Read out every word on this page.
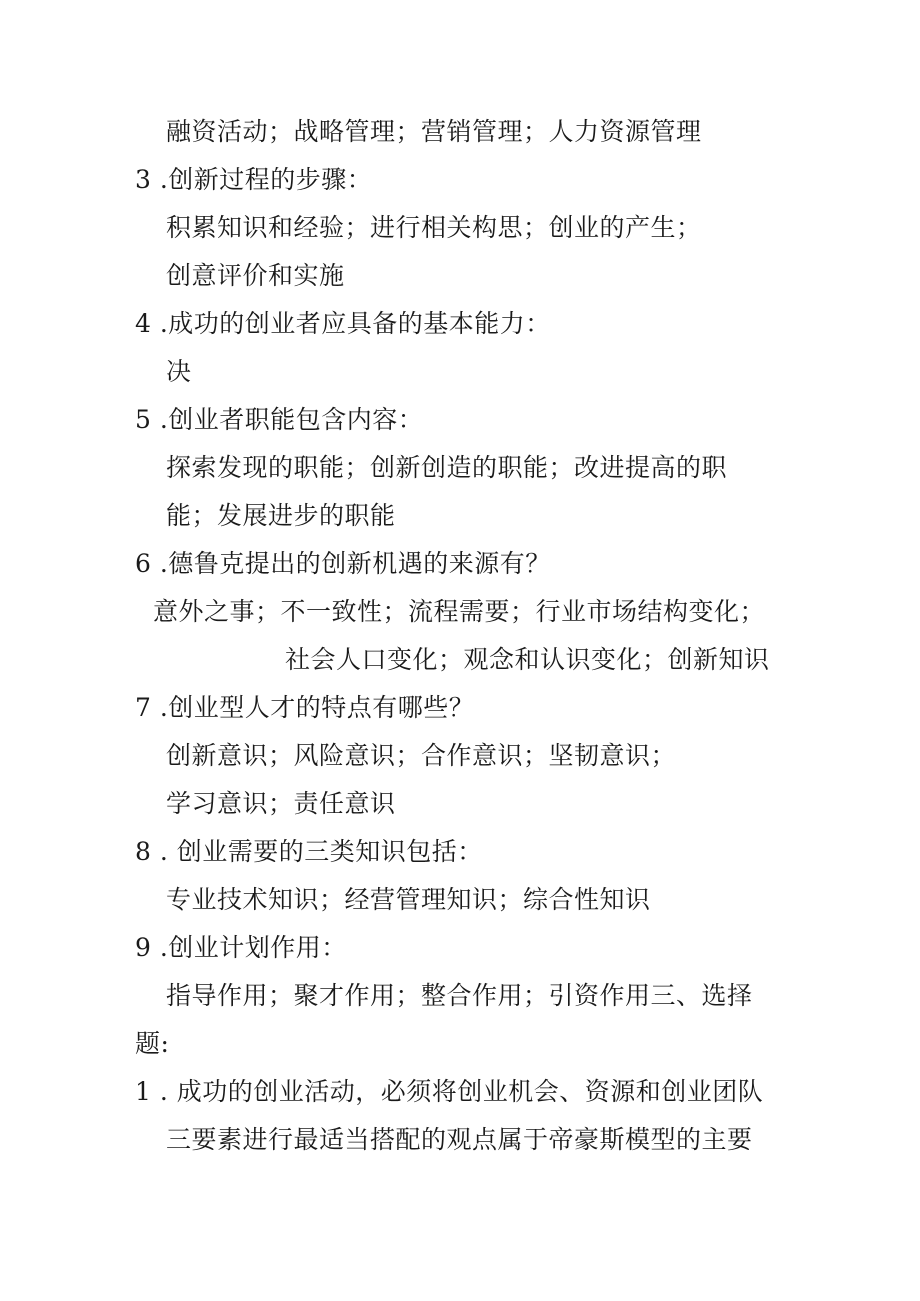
融资活动；战略管理；营销管理；人力资源管理
3 .创新过程的步骤：
积累知识和经验；进行相关构思；创业的产生；
创意评价和实施
4 .成功的创业者应具备的基本能力：
决
5 .创业者职能包含内容：
探索发现的职能；创新创造的职能；改进提高的职
能；发展进步的职能
6 .德鲁克提出的创新机遇的来源有？
意外之事；不一致性；流程需要；行业市场结构变化；
社会人口变化；观念和认识变化；创新知识
7 .创业型人才的特点有哪些？
创新意识；风险意识；合作意识；坚韧意识；
学习意识；责任意识
8 . 创业需要的三类知识包括：
专业技术知识；经营管理知识；综合性知识
9 .创业计划作用：
指导作用；聚才作用；整合作用；引资作用三、选择
题:
1 . 成功的创业活动，必须将创业机会、资源和创业团队
三要素进行最适当搭配的观点属于帝豪斯模型的主要
